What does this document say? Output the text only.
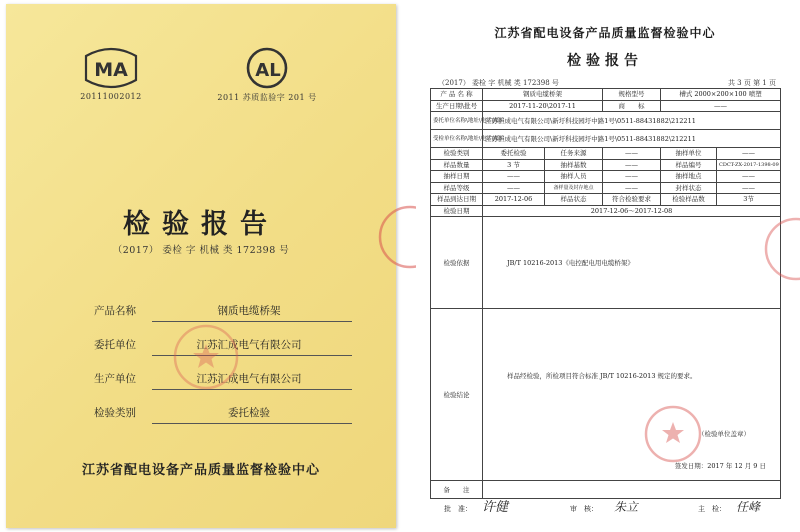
MA
20111002012
AL
2011 苏质监验字 201 号
检验报告
（2017） 委检 字 机械 类 172398 号
产品名称	钢质电缆桥架
委托单位	江苏汇成电气有限公司
生产单位	江苏汇成电气有限公司
检验类别	委托检验
江苏省配电设备产品质量监督检验中心
江苏省配电设备产品质量监督检验中心
检验报告
（2017） 委检 字 机械 类 172398 号	共 3 页 第 1 页
产 品 名 称	钢质电缆桥架		规格型号	槽式 2000×200×100 喷塑	
生产日期\批号	2017-11-20\2017-11		商　　标	——	
委托单位名称\地址\电话\邮编	江苏汇成电气有限公司\新圩科技园圩中路1号\0511-88431882\212211				
受检单位名称\地址\电话\邮编	江苏汇成电气有限公司\新圩科技园圩中路1号\0511-88431882\212211				
检验类别	委托检验	任务来源	——	抽样单位	——
样品数量	3 节	抽样基数	——	样品编号	CDCT-ZX-2017-1398-09
抽样日期	——	抽样人员	——	抽样地点	——
样品等级	——	备样量及封存地点	——	封样状态	——
样品到达日期	2017-12-06	样品状态	符合检验要求	检验样品数	3节
检验日期	2017-12-06～2017-12-08				
检验依据	JB/T 10216-2013《电控配电用电缆桥架》				
检验结论	样品经检验，所检项目符合标准 JB/T 10216-2013 规定的要求。
（检验单位盖章）
签发日期：2017 年 12 月 9 日				

备　　注					
批　准： 许健	审　核： 朱立	主　检： 任峰
